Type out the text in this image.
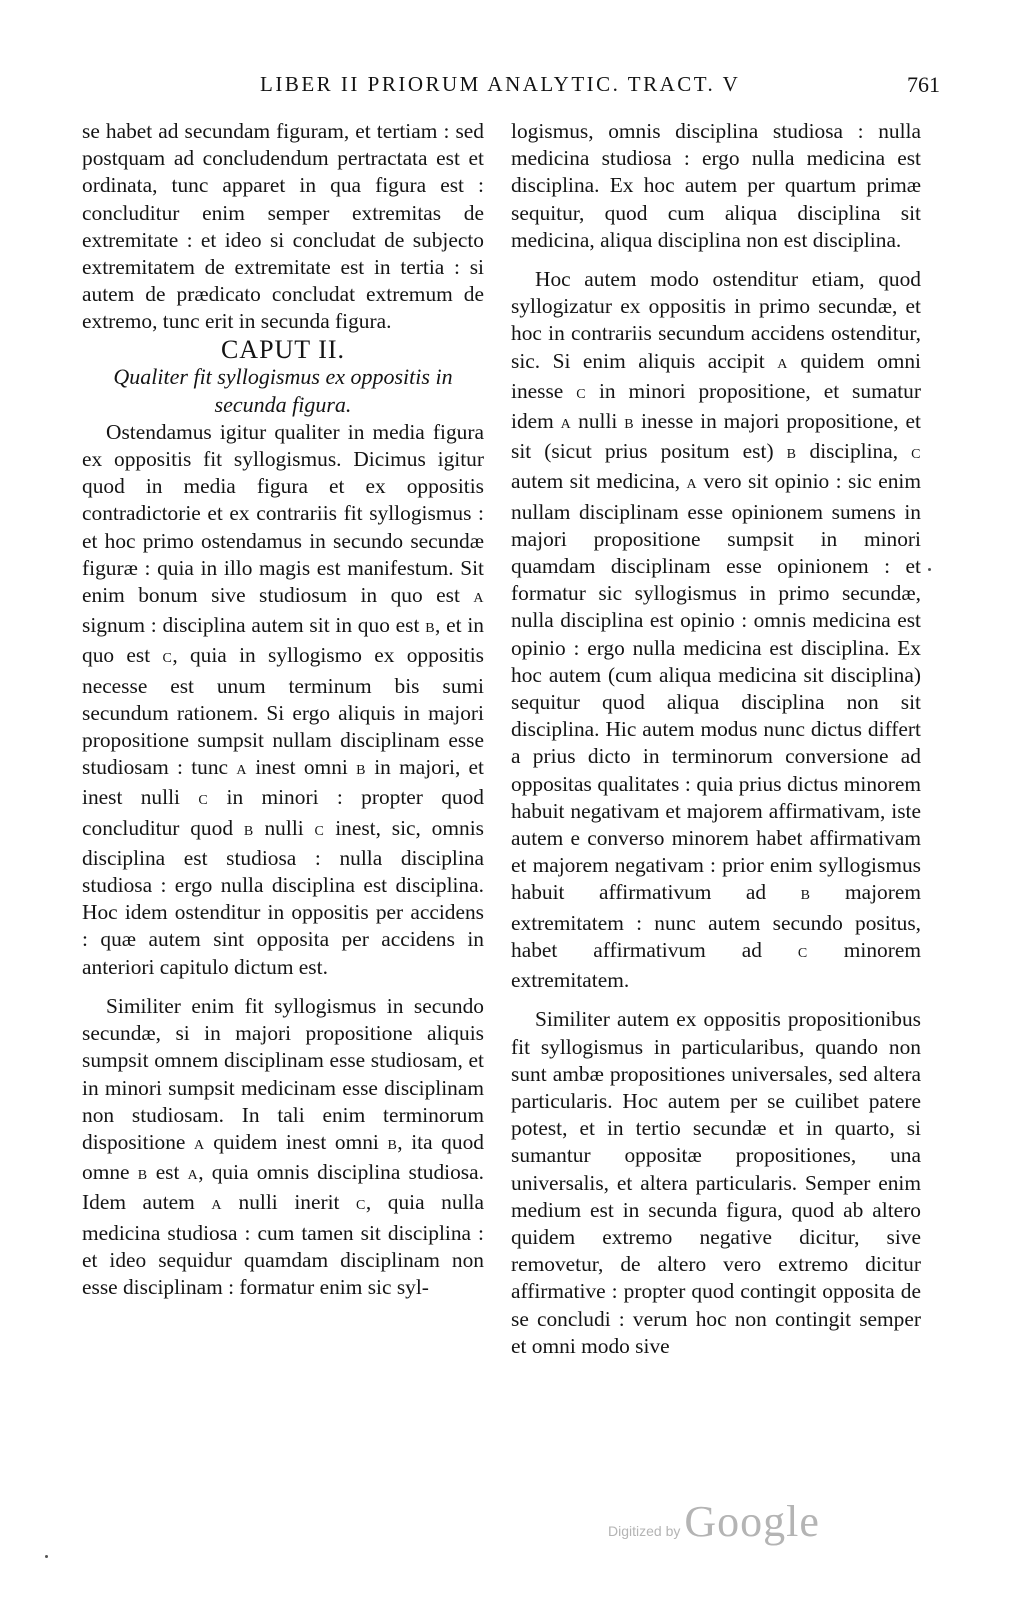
LIBER II PRIORUM ANALYTIC. TRACT. V	761

se habet ad secundam figuram, et tertiam : sed postquam ad concludendum pertractata est et ordinata, tunc apparet in qua figura est : concluditur enim semper extremitas de extremitate : et ideo si concludat de subjecto extremitatem de extremitate est in tertia : si autem de prædicato concludat extremum de extremo, tunc erit in secunda figura.

CAPUT II.

Qualiter fit syllogismus ex oppositis in secunda figura.

Ostendamus igitur qualiter in media figura ex oppositis fit syllogismus. Dicimus igitur quod in media figura et ex oppositis contradictorie et ex contrariis fit syllogismus : et hoc primo ostendamus in secundo secundæ figuræ : quia in illo magis est manifestum. Sit enim bonum sive studiosum in quo est A signum : disciplina autem sit in quo est B, et in quo est C, quia in syllogismo ex oppositis necesse est unum terminum bis sumi secundum rationem. Si ergo aliquis in majori propositione sumpsit nullam disciplinam esse studiosam : tunc A inest omni B in majori, et inest nulli C in minori : propter quod concluditur quod B nulli C inest, sic, omnis disciplina est studiosa : nulla disciplina studiosa : ergo nulla disciplina est disciplina. Hoc idem ostenditur in oppositis per accidens : quæ autem sint opposita per accidens in anteriori capitulo dictum est.

Similiter enim fit syllogismus in secundo secundæ, si in majori propositione aliquis sumpsit omnem disciplinam esse studiosam, et in minori sumpsit medicinam esse disciplinam non studiosam. In tali enim terminorum dispositione A quidem inest omni B, ita quod omne B est A, quia omnis disciplina studiosa. Idem autem A nulli inerit C, quia nulla medicina studiosa : cum tamen sit disciplina : et ideo sequidur quamdam disciplinam non esse disciplinam : formatur enim sic syl-

logismus, omnis disciplina studiosa : nulla medicina studiosa : ergo nulla medicina est disciplina. Ex hoc autem per quartum primæ sequitur, quod cum aliqua disciplina sit medicina, aliqua disciplina non est disciplina.

Hoc autem modo ostenditur etiam, quod syllogizatur ex oppositis in primo secundæ, et hoc in contrariis secundum accidens ostenditur, sic. Si enim aliquis accipit A quidem omni inesse C in minori propositione, et sumatur idem A nulli B inesse in majori propositione, et sit (sicut prius positum est) B disciplina, C autem sit medicina, A vero sit opinio : sic enim nullam disciplinam esse opinionem sumens in majori propositione sumpsit in minori quamdam disciplinam esse opinionem : et formatur sic syllogismus in primo secundæ, nulla disciplina est opinio : omnis medicina est opinio : ergo nulla medicina est disciplina. Ex hoc autem (cum aliqua medicina sit disciplina) sequitur quod aliqua disciplina non sit disciplina. Hic autem modus nunc dictus differt a prius dicto in terminorum conversione ad oppositas qualitates : quia prius dictus minorem habuit negativam et majorem affirmativam, iste autem e converso minorem habet affirmativam et majorem negativam : prior enim syllogismus habuit affirmativum ad B majorem extremitatem : nunc autem secundo positus, habet affirmativum ad	C minorem extremitatem.

Similiter autem ex oppositis propositionibus fit syllogismus in particularibus, quando non sunt ambæ propositiones universales, sed altera particularis. Hoc autem per se cuilibet patere potest, et in tertio secundæ et in quarto, si sumantur oppositæ propositiones, una universalis, et altera particularis. Semper enim medium est in secunda figura, quod ab altero quidem extremo negative dicitur, sive removetur, de altero vero extremo dicitur affirmative : propter quod contingit opposita de se concludi : verum hoc non contingit semper et omni modo sive

Digitized by Google
